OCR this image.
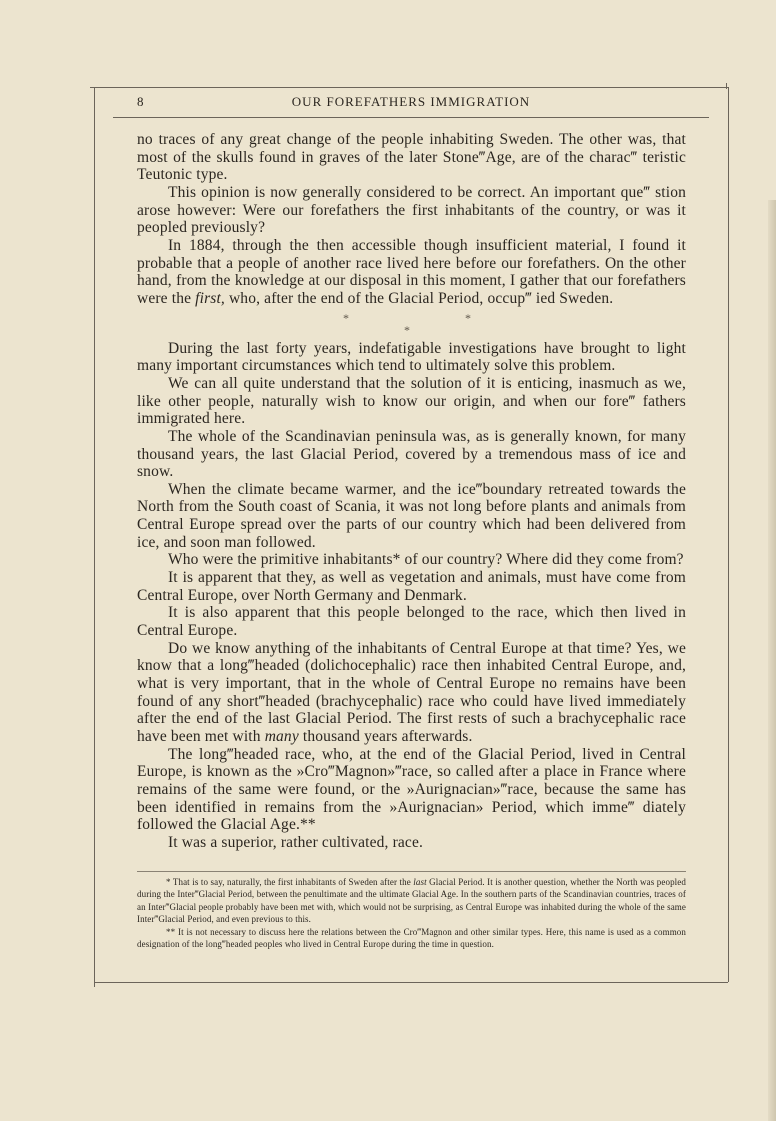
8	OUR FOREFATHERS IMMIGRATION

no traces of any great change of the people inhabiting Sweden. The other was, that most of the skulls found in graves of the later Stone‴Age, are of the charac‴ teristic Teutonic type.

This opinion is now generally considered to be correct. An important que‴ stion arose however: Were our forefathers the first inhabitants of the country, or was it peopled previously?

In 1884, through the then accessible though insufficient material, I found it probable that a people of another race lived here before our forefathers. On the other hand, from the knowledge at our disposal in this moment, I gather that our forefathers were the first, who, after the end of the Glacial Period, occup‴ ied Sweden.

*	*
*

During the last forty years, indefatigable investigations have brought to light many important circumstances which tend to ultimately solve this problem.

We can all quite understand that the solution of it is enticing, inasmuch as we, like other people, naturally wish to know our origin, and when our fore‴ fathers immigrated here.

The whole of the Scandinavian peninsula was, as is generally known, for many thousand years, the last Glacial Period, covered by a tremendous mass of ice and snow.

When the climate became warmer, and the ice‴boundary retreated towards the North from the South coast of Scania, it was not long before plants and animals from Central Europe spread over the parts of our country which had been delivered from ice, and soon man followed.

Who were the primitive inhabitants* of our country? Where did they come from?

It is apparent that they, as well as vegetation and animals, must have come from Central Europe, over North Germany and Denmark.

It is also apparent that this people belonged to the race, which then lived in Central Europe.

Do we know anything of the inhabitants of Central Europe at that time? Yes, we know that a long‴headed (dolichocephalic) race then inhabited Central Europe, and, what is very important, that in the whole of Central Europe no remains have been found of any short‴headed (brachycephalic) race who could have lived immediately after the end of the last Glacial Period. The first rests of such a brachycephalic race have been met with many thousand years afterwards.

The long‴headed race, who, at the end of the Glacial Period, lived in Central Europe, is known as the »Cro‴Magnon»‴race, so called after a place in France where remains of the same were found, or the »Aurignacian»‴race, because the same has been identified in remains from the »Aurignacian» Period, which imme‴ diately followed the Glacial Age.**

It was a superior, rather cultivated, race.

* That is to say, naturally, the first inhabitants of Sweden after the last Glacial Period. It is another question, whether the North was peopled during the Inter‴Glacial Period, between the penultimate and the ultimate Glacial Age. In the southern parts of the Scandinavian countries, traces of an Inter‴Glacial people probably have been met with, which would not be surprising, as Central Europe was inhabited during the whole of the same Inter‴Glacial Period, and even previous to this.

** It is not necessary to discuss here the relations between the Cro‴Magnon and other similar types. Here, this name is used as a common designation of the long‴headed peoples who lived in Central Europe during the time in question.
